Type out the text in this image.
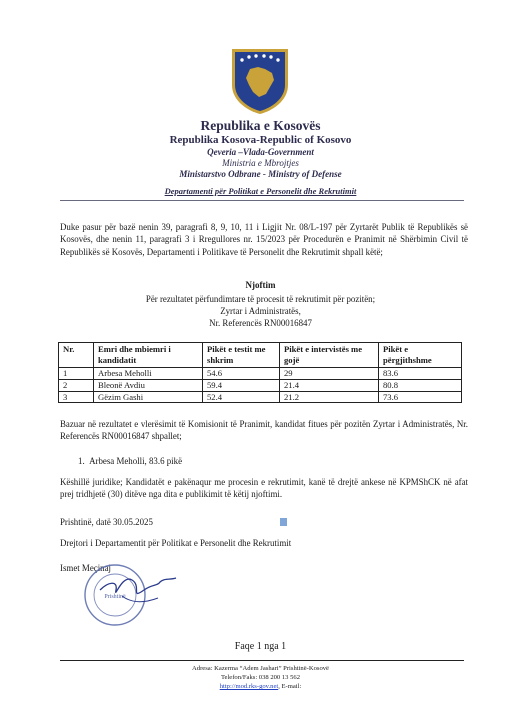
Republika e Kosovës
Republika Kosova-Republic of Kosovo
Qeveria –Vlada-Government
Ministria e Mbrojtjes
Ministarstvo Odbrane - Ministry of Defense
Departamenti për Politikat e Personelit dhe Rekrutimit
Duke pasur për bazë nenin 39, paragrafi 8, 9, 10, 11 i Ligjit Nr. 08/L-197 për Zyrtarët Publik të Republikës së Kosovës, dhe nenin 11, paragrafi 3 i Rregullores nr. 15/2023 për Procedurën e Pranimit në Shërbimin Civil të Republikës së Kosovës, Departamenti i Politikave të Personelit dhe Rekrutimit shpall këtë;
Njoftim
Për rezultatet përfundimtare të procesit të rekrutimit për pozitën;
Zyrtar i Administratës,
Nr. Referencës RN00016847
Nr.	Emri dhe mbiemri i kandidatit	Pikët e testit me shkrim	Pikët e intervistës me gojë	Pikët e përgjithshme
1	Arbesa Meholli	54.6	29	83.6
2	Bleonë Avdiu	59.4	21.4	80.8
3	Gëzim Gashi	52.4	21.2	73.6
Bazuar në rezultatet e vlerësimit të Komisionit të Pranimit, kandidat fitues për pozitën Zyrtar i Administratës, Nr. Referencës RN00016847 shpallet;
1. Arbesa Meholli, 83.6 pikë
Këshillë juridike; Kandidatët e pakënaqur me procesin e rekrutimit, kanë të drejtë ankese në KPMShCK në afat prej tridhjetë (30) ditëve nga dita e publikimit të këtij njoftimi.
Prishtinë, datë 30.05.2025
Drejtori i Departamentit për Politikat e Personelit dhe Rekrutimit
Ismet Meçinaj
Prishtinë
Faqe 1 nga 1
Adresa: Kazerma “Adem Jashari” Prishtinë-Kosovë
Telefon/Faks: 038 200 13 562
http://mod.rks-gov.net, E-mail:
